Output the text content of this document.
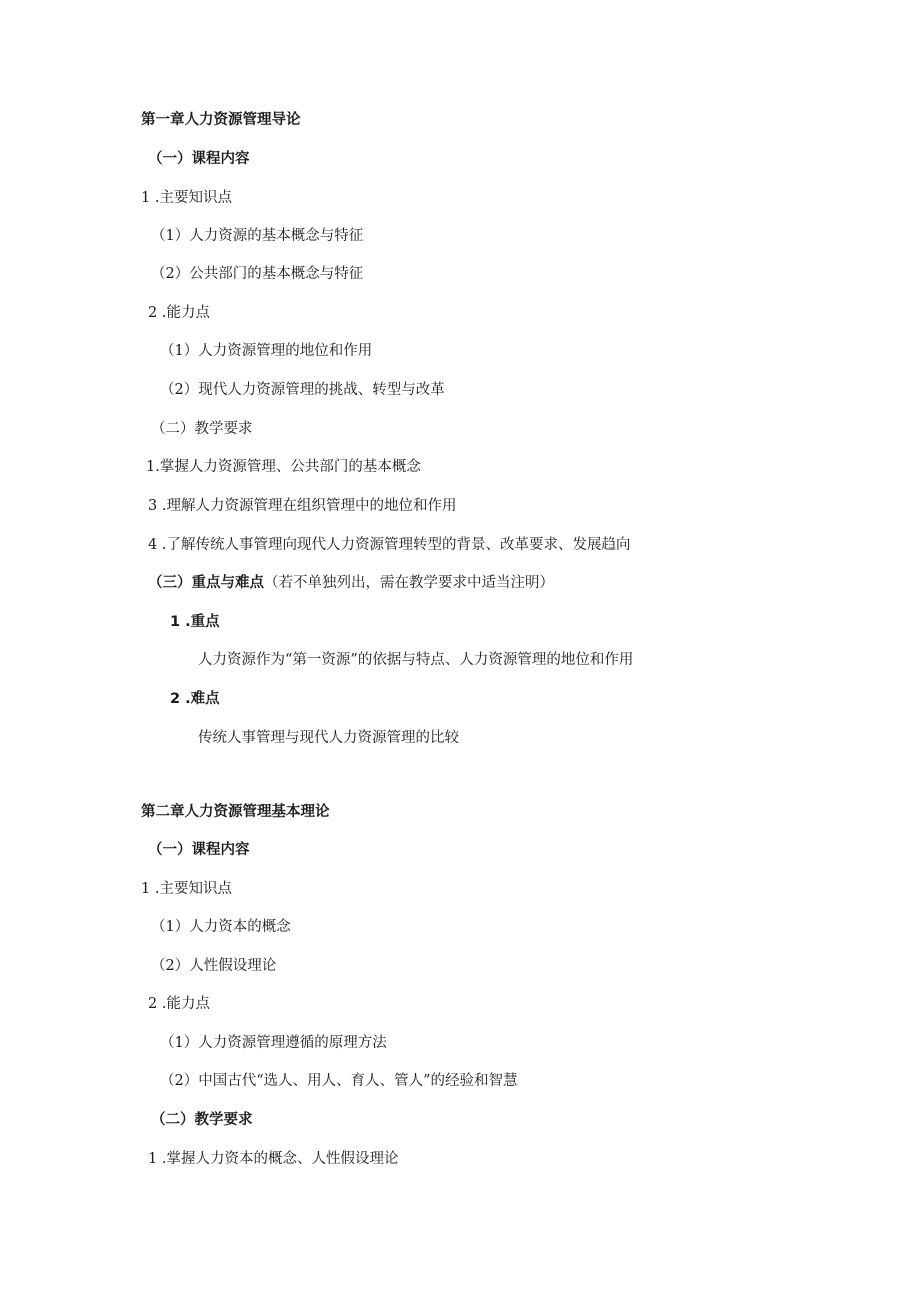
第一章人力资源管理导论
（一）课程内容
1 .主要知识点
（1）人力资源的基本概念与特征
（2）公共部门的基本概念与特征
2 .能力点
（1）人力资源管理的地位和作用
（2）现代人力资源管理的挑战、转型与改革
（二）教学要求
1.掌握人力资源管理、公共部门的基本概念
3 .理解人力资源管理在组织管理中的地位和作用
4 .了解传统人事管理向现代人力资源管理转型的背景、改革要求、发展趋向
（三）重点与难点（若不单独列出，需在教学要求中适当注明）
1 .重点
人力资源作为“第一资源”的依据与特点、人力资源管理的地位和作用
2 .难点
传统人事管理与现代人力资源管理的比较
第二章人力资源管理基本理论
（一）课程内容
1 .主要知识点
（1）人力资本的概念
（2）人性假设理论
2 .能力点
（1）人力资源管理遵循的原理方法
（2）中国古代“选人、用人、育人、管人”的经验和智慧
（二）教学要求
1 .掌握人力资本的概念、人性假设理论
